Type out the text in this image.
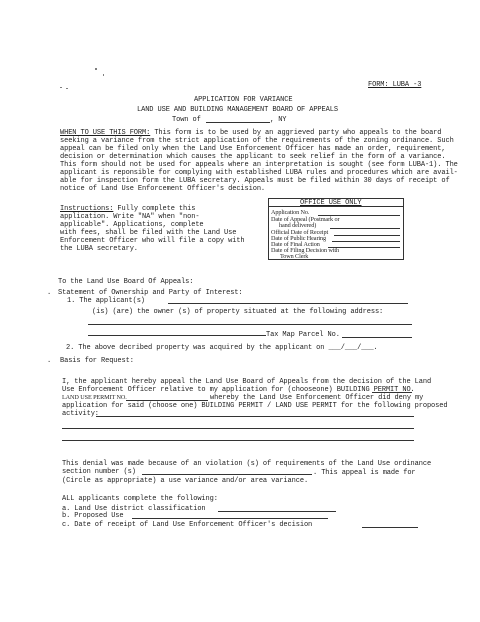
FORM: LUBA -3
APPLICATION FOR VARIANCE
LAND USE AND BUILDING MANAGEMENT BOARD OF APPEALS
Town of	, NY
WHEN TO USE THIS FORM: This form is to be used by an aggrieved party who appeals to the board
seeking a variance from the strict application of the requirements of the zoning ordinance. Such
appeal can be filed only when the Land Use Enforcement Officer has made an order, requirement,
decision or determination which causes the applicant to seek relief in the form of a variance.
This form should not be used for appeals where an interpretation is sought (see form LUBA-1). The
applicant is reponsible for complying with established LUBA rules and procedures which are avail-
able for inspection form the LUBA secretary. Appeals must be filed within 30 days of receipt of
notice of Land Use Enforcement Officer's decision.
Instructions: Fully complete this
application. Write "NA" when "non-
applicable". Applications, complete
with fees, shall be filed with the Land Use
Enforcement Officer who will file a copy with
the LUBA secretary.
OFFICE USE ONLY
Application No.
Date of Appeal (Postmark or
hand delivered)
Official Date of Receipt
Date of Public Hearing
Date of Final Action
Date of Filing Decision with
Town Clerk
To the Land Use Board Of Appeals:
. Statement of Ownership and Party of Interest:
1. The applicant(s)
(is) (are) the owner (s) of property situated at the following address:
Tax Map Parcel No.
2. The above decribed property was acquired by the applicant on ___/___/___.
. Basis for Request:
I, the applicant hereby appeal the Land Use Board of Appeals from the decision of the Land
Use Enforcement Officer relative to my application for (chooseone) BUILDING PERMIT NO.
LAND USE PERMIT NO.	whereby the Land Use Enforcement Officer did deny my
application for said (choose one) BUILDING PERMIT / LAND USE PERMIT for the following proposed
activity:
This denial was made because of an violation (s) of requirements of the Land Use ordinance
section number (s)	. This appeal is made for
(Circle as appropriate) a use variance and/or area variance.
ALL applicants complete the following:
a. Land Use district classification
b. Proposed Use
c. Date of receipt of Land Use Enforcement Officer's decision
